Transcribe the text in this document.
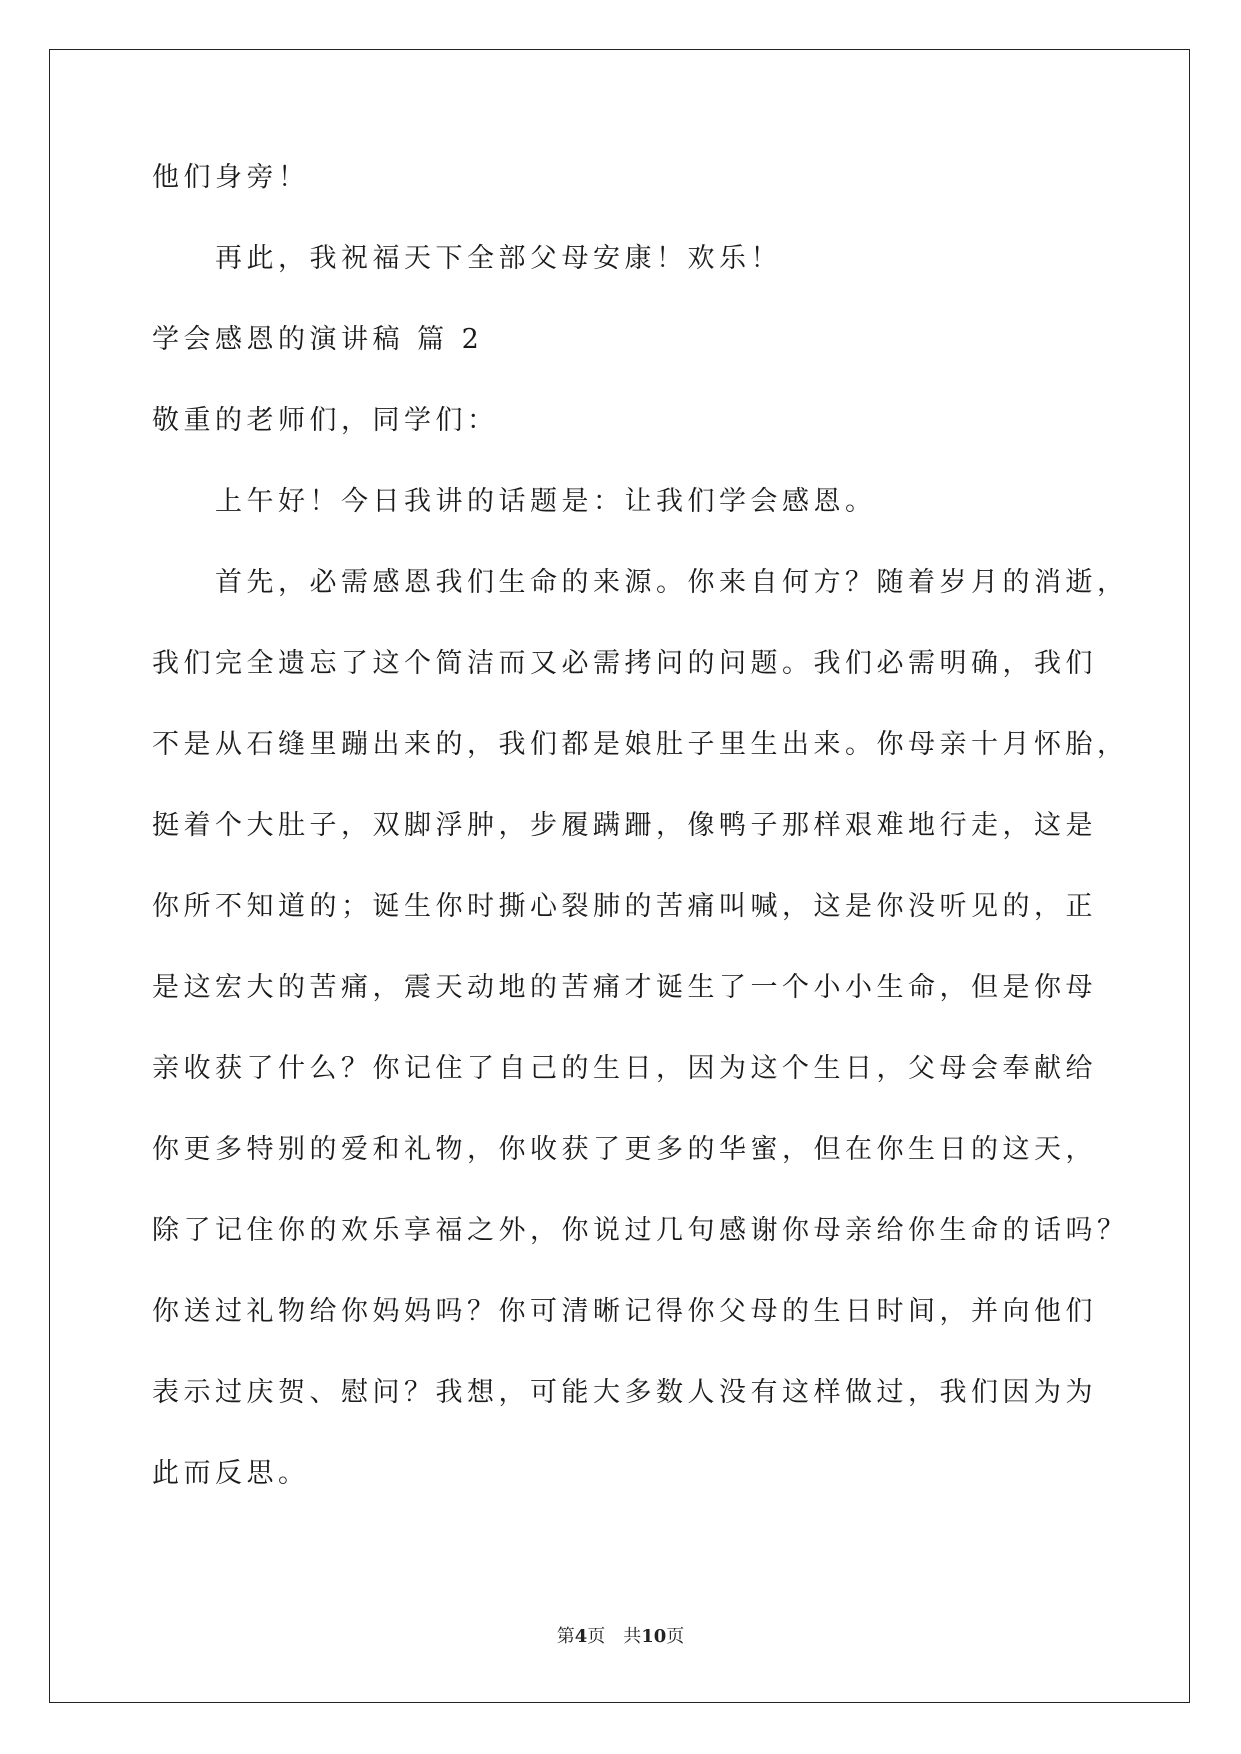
他们身旁！
再此，我祝福天下全部父母安康！欢乐！
学会感恩的演讲稿 篇 2
敬重的老师们，同学们：
上午好！今日我讲的话题是：让我们学会感恩。
首先，必需感恩我们生命的来源。你来自何方？随着岁月的消逝，
我们完全遗忘了这个简洁而又必需拷问的问题。我们必需明确，我们
不是从石缝里蹦出来的，我们都是娘肚子里生出来。你母亲十月怀胎，
挺着个大肚子，双脚浮肿，步履蹒跚，像鸭子那样艰难地行走，这是
你所不知道的；诞生你时撕心裂肺的苦痛叫喊，这是你没听见的，正
是这宏大的苦痛，震天动地的苦痛才诞生了一个小小生命，但是你母
亲收获了什么？你记住了自己的生日，因为这个生日，父母会奉献给
你更多特别的爱和礼物，你收获了更多的华蜜，但在你生日的这天，
除了记住你的欢乐享福之外，你说过几句感谢你母亲给你生命的话吗？
你送过礼物给你妈妈吗？你可清晰记得你父母的生日时间，并向他们
表示过庆贺、慰问？我想，可能大多数人没有这样做过，我们因为为
此而反思。
第4页 共10页
